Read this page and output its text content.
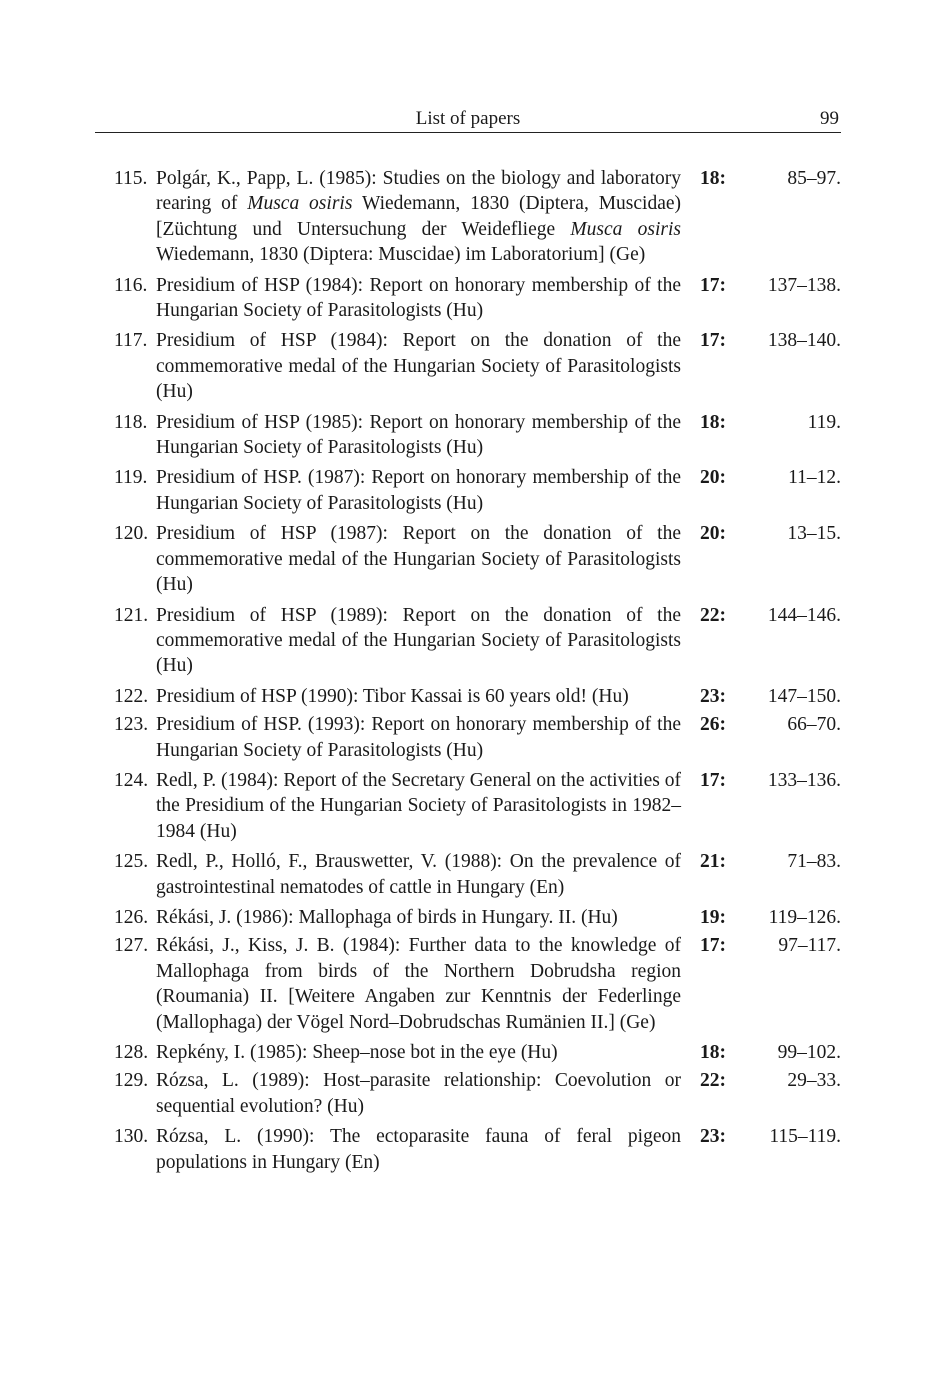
List of papers	99
115. Polgár, K., Papp, L. (1985): Studies on the biology and laboratory rearing of Musca osiris Wiedemann, 1830 (Diptera, Muscidae) [Züchtung und Untersuchung der Weidefliege Musca osiris Wiedemann, 1830 (Diptera: Muscidae) im Laboratorium] (Ge)
18:	85–97.
116. Presidium of HSP (1984): Report on honorary membership of the Hungarian Society of Parasitologists (Hu)
17:	137–138.
117. Presidium of HSP (1984): Report on the donation of the commemorative medal of the Hungarian Society of Parasitologists (Hu)
17:	138–140.
118. Presidium of HSP (1985): Report on honorary membership of the Hungarian Society of Parasitologists (Hu)
18:	119.
119. Presidium of HSP. (1987): Report on honorary membership of the Hungarian Society of Parasitologists (Hu)
20:	11–12.
120. Presidium of HSP (1987): Report on the donation of the commemorative medal of the Hungarian Society of Parasitologists (Hu)
20:	13–15.
121. Presidium of HSP (1989): Report on the donation of the commemorative medal of the Hungarian Society of Parasitologists (Hu)
22:	144–146.
122. Presidium of HSP (1990): Tibor Kassai is 60 years old! (Hu)	23:	147–150.
123. Presidium of HSP. (1993): Report on honorary membership of the Hungarian Society of Parasitologists (Hu)
26:	66–70.
124. Redl, P. (1984): Report of the Secretary General on the activities of the Presidium of the Hungarian Society of Parasitologists in 1982–1984 (Hu)
17:	133–136.
125. Redl, P., Holló, F., Brauswetter, V. (1988): On the prevalence of gastrointestinal nematodes of cattle in Hungary (En)
21:	71–83.
126. Rékási, J. (1986): Mallophaga of birds in Hungary. II. (Hu)	19:	119–126.
127. Rékási, J., Kiss, J. B. (1984): Further data to the knowledge of Mallophaga from birds of the Northern Dobrudsha region (Roumania) II. [Weitere Angaben zur Kenntnis der Federlinge (Mallophaga) der Vögel Nord–Dobrudschas Rumänien II.] (Ge)
17:	97–117.
128. Repkény, I. (1985): Sheep–nose bot in the eye (Hu)	18:	99–102.
129. Rózsa, L. (1989): Host–parasite relationship: Coevolution or sequential evolution? (Hu)
22:	29–33.
130. Rózsa, L. (1990): The ectoparasite fauna of feral pigeon populations in Hungary (En)
23:	115–119.
